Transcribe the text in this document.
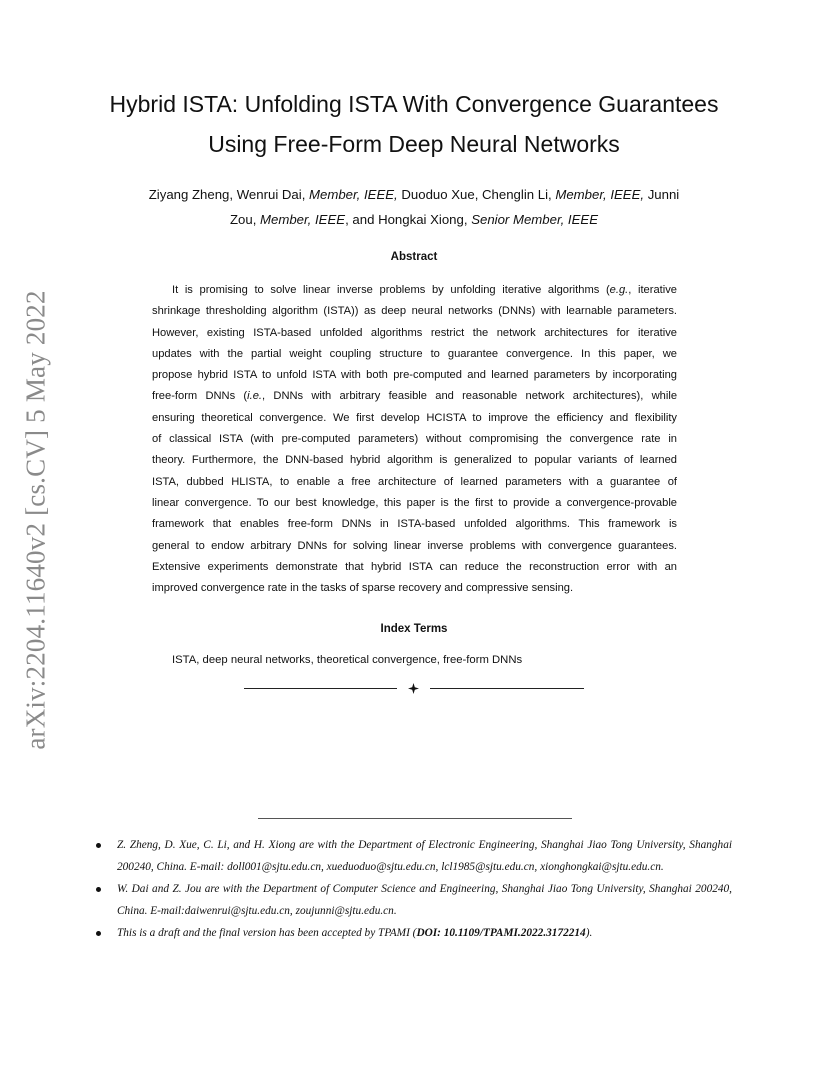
arXiv:2204.11640v2 [cs.CV] 5 May 2022
Hybrid ISTA: Unfolding ISTA With Convergence Guarantees
Using Free-Form Deep Neural Networks
Ziyang Zheng, Wenrui Dai, Member, IEEE, Duoduo Xue, Chenglin Li, Member, IEEE, Junni
Zou, Member, IEEE, and Hongkai Xiong, Senior Member, IEEE
Abstract
It is promising to solve linear inverse problems by unfolding iterative algorithms (e.g., iterative
shrinkage thresholding algorithm (ISTA)) as deep neural networks (DNNs) with learnable parameters.
However, existing ISTA-based unfolded algorithms restrict the network architectures for iterative
updates with the partial weight coupling structure to guarantee convergence. In this paper, we
propose hybrid ISTA to unfold ISTA with both pre-computed and learned parameters by incorporating
free-form DNNs (i.e., DNNs with arbitrary feasible and reasonable network architectures), while
ensuring theoretical convergence. We first develop HCISTA to improve the efficiency and flexibility
of classical ISTA (with pre-computed parameters) without compromising the convergence rate in
theory. Furthermore, the DNN-based hybrid algorithm is generalized to popular variants of learned
ISTA, dubbed HLISTA, to enable a free architecture of learned parameters with a guarantee of
linear convergence. To our best knowledge, this paper is the first to provide a convergence-provable
framework that enables free-form DNNs in ISTA-based unfolded algorithms. This framework is
general to endow arbitrary DNNs for solving linear inverse problems with convergence guarantees.
Extensive experiments demonstrate that hybrid ISTA can reduce the reconstruction error with an
improved convergence rate in the tasks of sparse recovery and compressive sensing.
Index Terms
ISTA, deep neural networks, theoretical convergence, free-form DNNs
Z. Zheng, D. Xue, C. Li, and H. Xiong are with the Department of Electronic Engineering, Shanghai Jiao Tong University, Shanghai 200240, China. E-mail: doll001@sjtu.edu.cn, xueduoduo@sjtu.edu.cn, lcl1985@sjtu.edu.cn, xionghongkai@sjtu.edu.cn.
W. Dai and Z. Jou are with the Department of Computer Science and Engineering, Shanghai Jiao Tong University, Shanghai 200240, China. E-mail:daiwenrui@sjtu.edu.cn, zoujunni@sjtu.edu.cn.
This is a draft and the final version has been accepted by TPAMI (DOI: 10.1109/TPAMI.2022.3172214).
